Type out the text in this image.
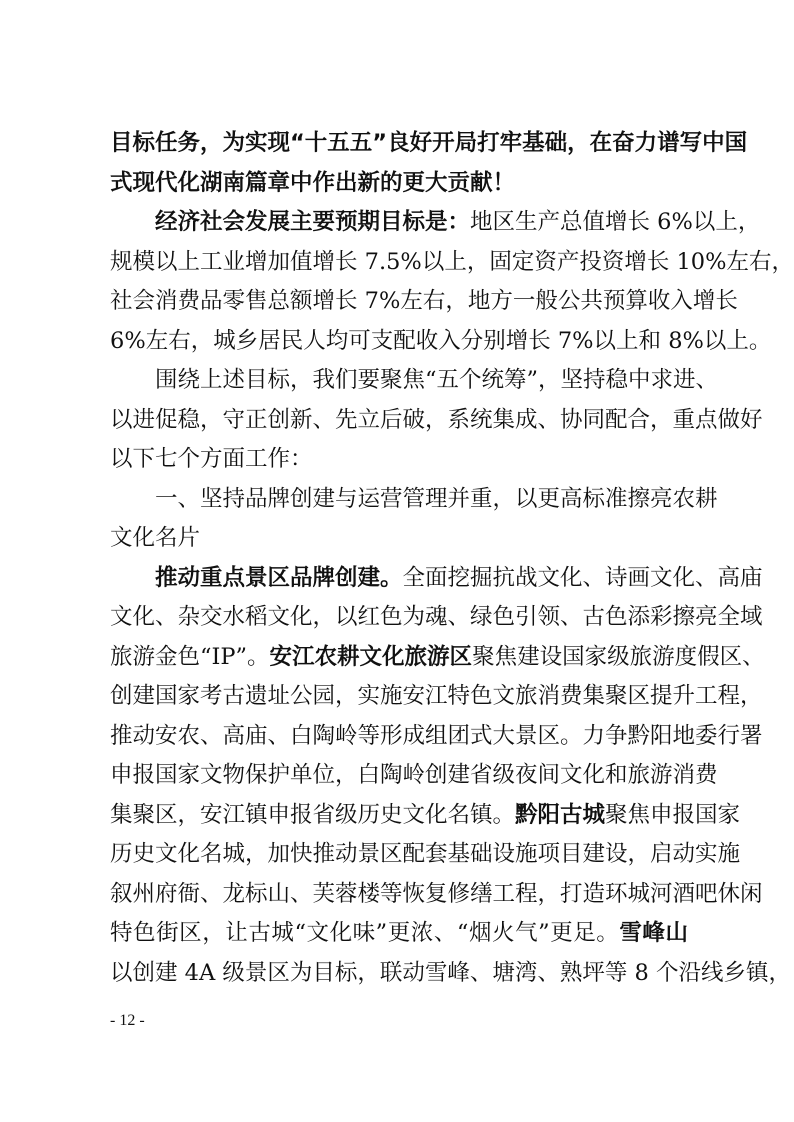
目标任务，为实现“十五五”良好开局打牢基础，在奋力谱写中国
式现代化湖南篇章中作出新的更大贡献！
经济社会发展主要预期目标是：地区生产总值增长 6%以上，
规模以上工业增加值增长 7.5%以上，固定资产投资增长 10%左右，
社会消费品零售总额增长 7%左右，地方一般公共预算收入增长
6%左右，城乡居民人均可支配收入分别增长 7%以上和 8%以上。
围绕上述目标，我们要聚焦“五个统筹”，坚持稳中求进、
以进促稳，守正创新、先立后破，系统集成、协同配合，重点做好
以下七个方面工作：
一、坚持品牌创建与运营管理并重，以更高标准擦亮农耕
文化名片
推动重点景区品牌创建。全面挖掘抗战文化、诗画文化、高庙
文化、杂交水稻文化，以红色为魂、绿色引领、古色添彩擦亮全域
旅游金色“IP”。安江农耕文化旅游区聚焦建设国家级旅游度假区、
创建国家考古遗址公园，实施安江特色文旅消费集聚区提升工程，
推动安农、高庙、白陶岭等形成组团式大景区。力争黔阳地委行署
申报国家文物保护单位，白陶岭创建省级夜间文化和旅游消费
集聚区，安江镇申报省级历史文化名镇。黔阳古城聚焦申报国家
历史文化名城，加快推动景区配套基础设施项目建设，启动实施
叙州府衙、龙标山、芙蓉楼等恢复修缮工程，打造环城河酒吧休闲
特色街区，让古城“文化味”更浓、“烟火气”更足。雪峰山
以创建 4A 级景区为目标，联动雪峰、塘湾、熟坪等 8 个沿线乡镇，
- 12 -
